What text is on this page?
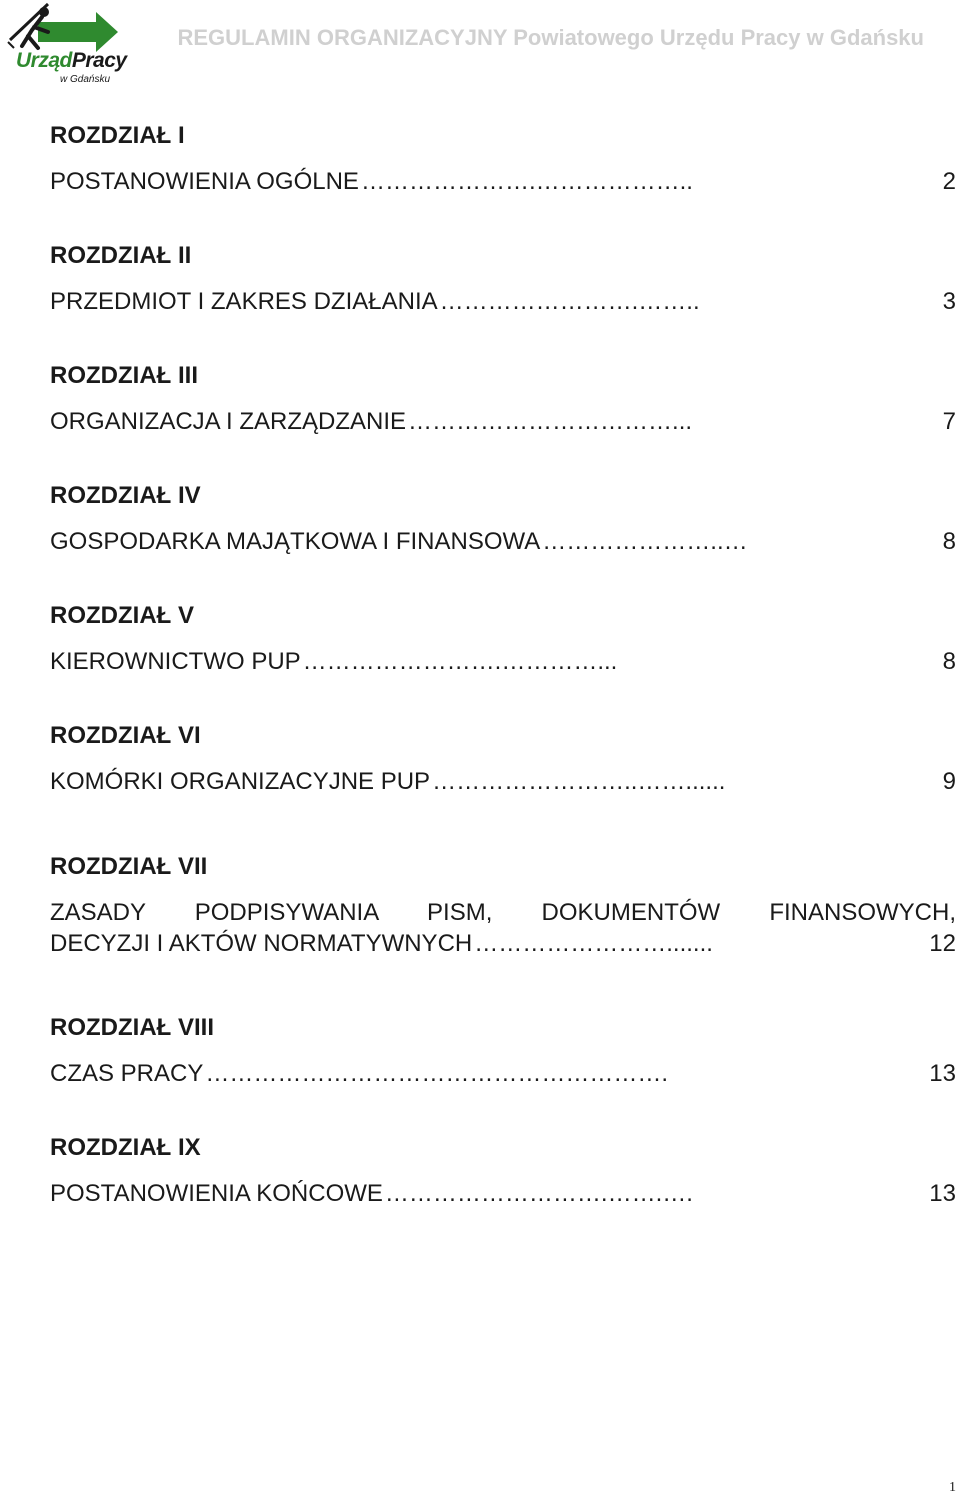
UrządPracy
w Gdańsku
REGULAMIN ORGANIZACYJNY Powiatowego Urzędu Pracy w Gdańsku
ROZDZIAŁ I
POSTANOWIENIA OGÓLNE ………………….………………..	2
ROZDZIAŁ II
PRZEDMIOT I ZAKRES DZIAŁANIA …………………….……..	3
ROZDZIAŁ III
ORGANIZACJA I ZARZĄDZANIE ……………………………...	7
ROZDZIAŁ IV
GOSPODARKA MAJĄTKOWA I FINANSOWA …………………..…	8
ROZDZIAŁ V
KIEROWNICTWO PUP …………………….…………...	8
ROZDZIAŁ VI
KOMÓRKI ORGANIZACYJNE PUP ……………………..……......	9
ROZDZIAŁ VII
ZASADY PODPISYWANIA PISM, DOKUMENTÓW FINANSOWYCH,
DECYZJI I AKTÓW NORMATYWNYCH …………………….......	12
ROZDZIAŁ VIII
CZAS PRACY ………………………………………………….	13
ROZDZIAŁ IX
POSTANOWIENIA KOŃCOWE ……………………….…….….	13
1
